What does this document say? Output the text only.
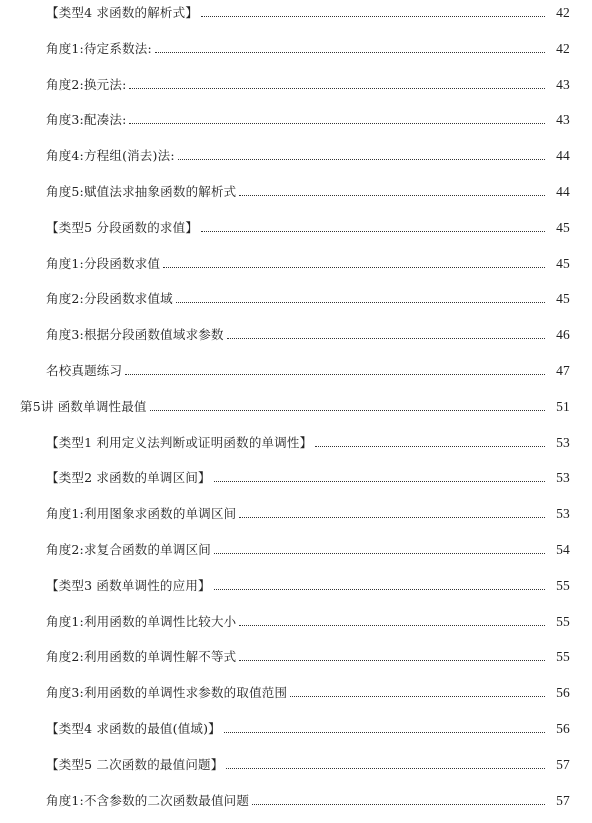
【类型4 求函数的解析式】	42
角度1:待定系数法:	42
角度2:换元法:	43
角度3:配凑法:	43
角度4:方程组(消去)法:	44
角度5:赋值法求抽象函数的解析式	44
【类型5 分段函数的求值】	45
角度1:分段函数求值	45
角度2:分段函数求值域	45
角度3:根据分段函数值域求参数	46
名校真题练习	47
第5讲 函数单调性最值	51
【类型1 利用定义法判断或证明函数的单调性】	53
【类型2 求函数的单调区间】	53
角度1:利用图象求函数的单调区间	53
角度2:求复合函数的单调区间	54
【类型3 函数单调性的应用】	55
角度1:利用函数的单调性比较大小	55
角度2:利用函数的单调性解不等式	55
角度3:利用函数的单调性求参数的取值范围	56
【类型4 求函数的最值(值域)】	56
【类型5 二次函数的最值问题】	57
角度1:不含参数的二次函数最值问题	57
